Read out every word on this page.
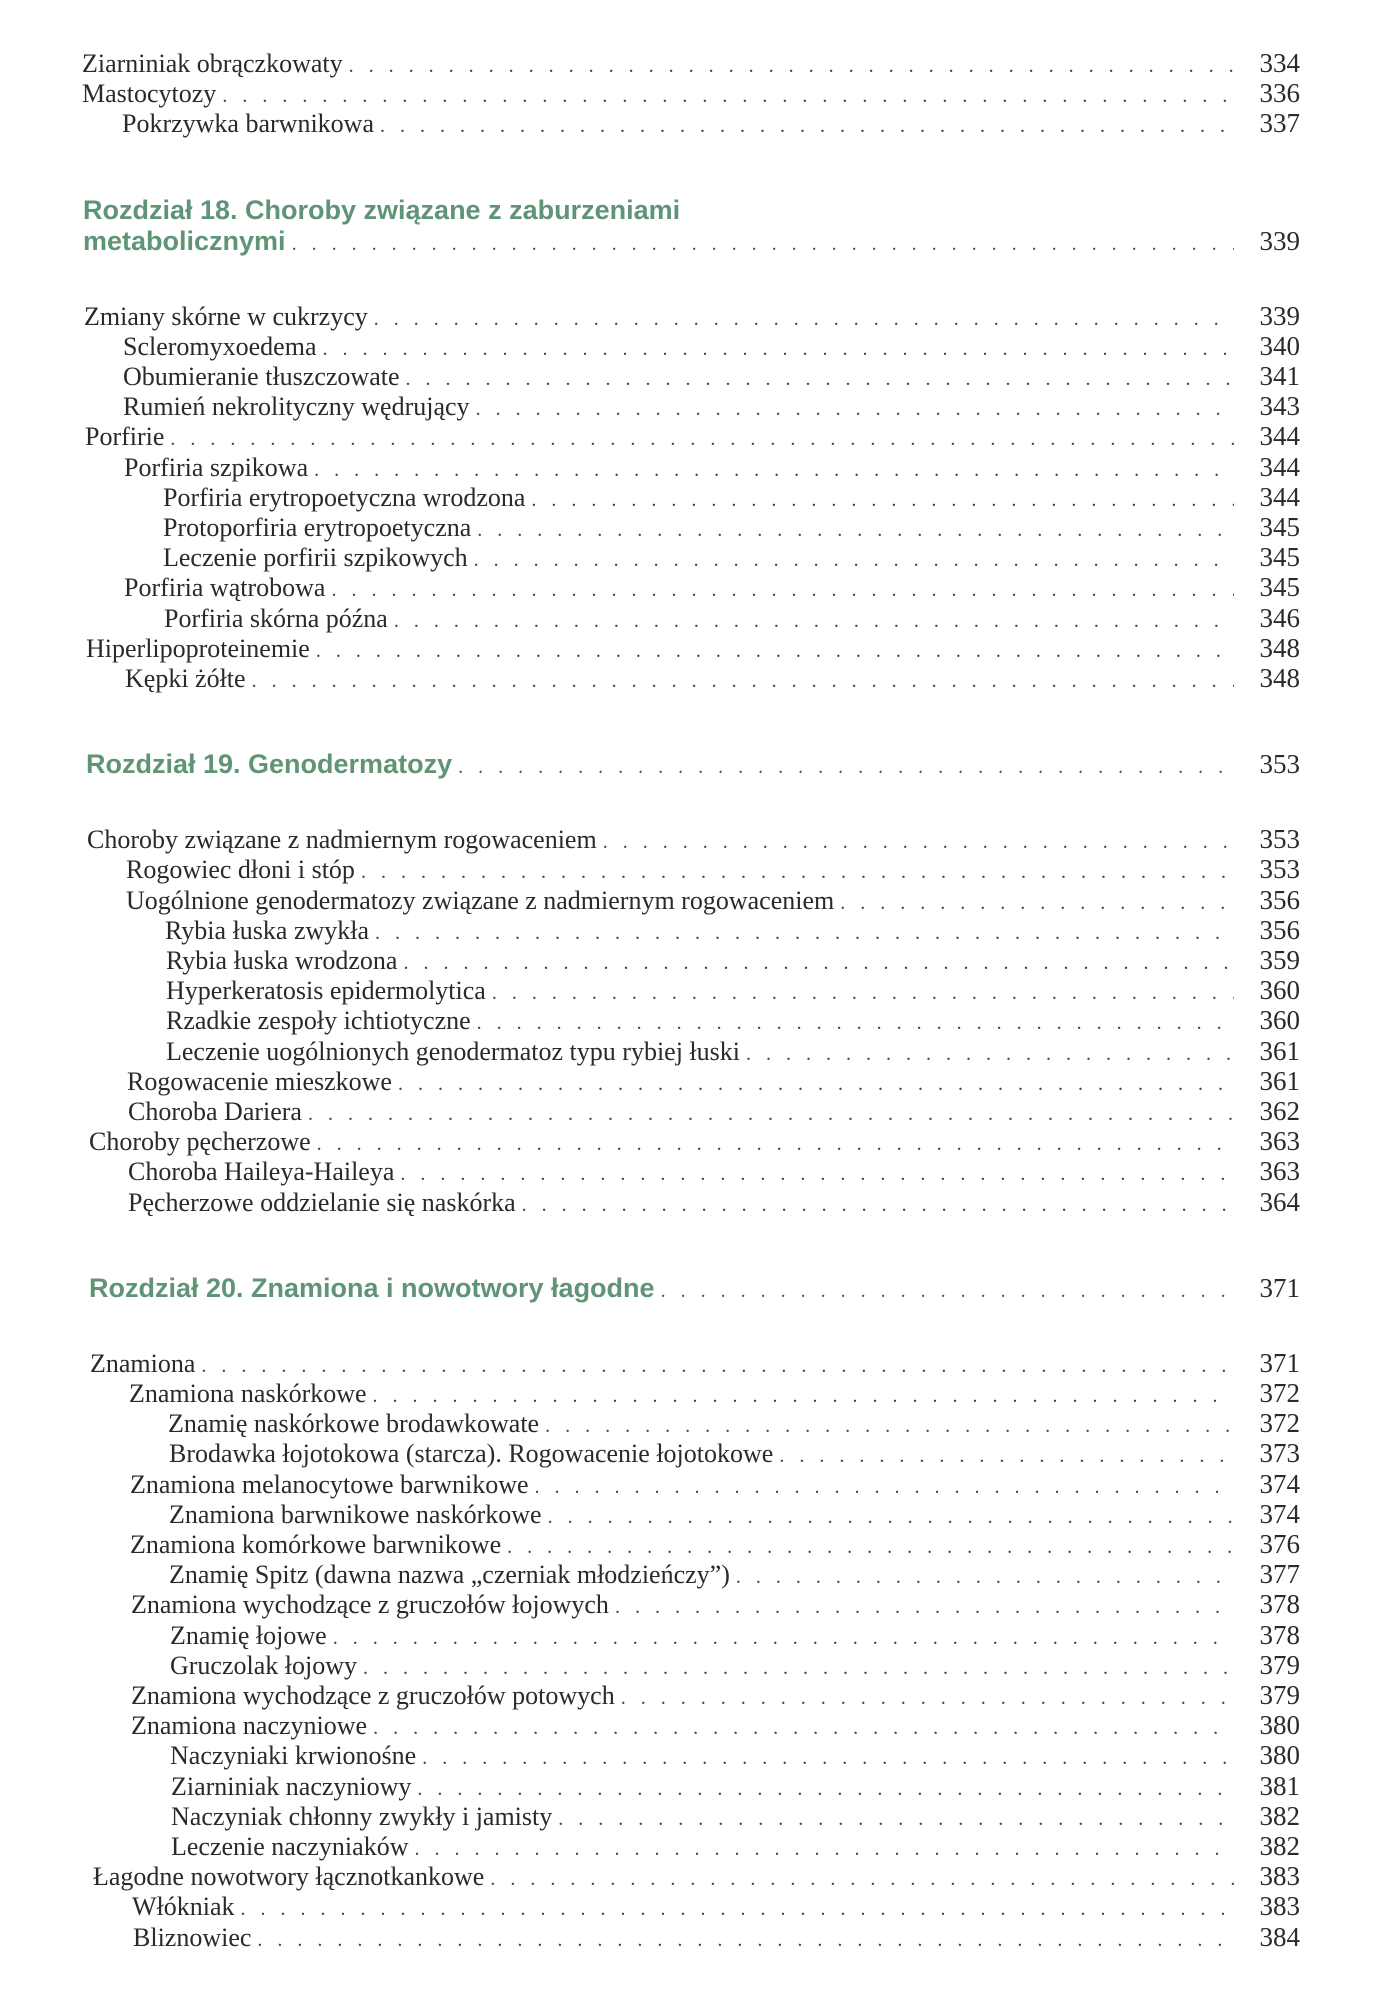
Ziarniniak obrączkowaty . . .	334
Mastocytozy . . .	336
Pokrzywka barwnikowa . . .	337
Rozdział 18. Choroby związane z zaburzeniami
metabolicznymi . . .	339
Zmiany skórne w cukrzycy . . .	339
Scleromyxoedema . . .	340
Obumieranie tłuszczowate . . .	341
Rumień nekrolityczny wędrujący . . .	343
Porfirie . . .	344
Porfiria szpikowa . . .	344
Porfiria erytropoetyczna wrodzona . . .	344
Protoporfiria erytropoetyczna . . .	345
Leczenie porfirii szpikowych . . .	345
Porfiria wątrobowa . . .	345
Porfiria skórna późna . . .	346
Hiperlipoproteinemie . . .	348
Kępki żółte . . .	348
Rozdział 19. Genodermatozy . . .	353
Choroby związane z nadmiernym rogowaceniem . . .	353
Rogowiec dłoni i stóp . . .	353
Uogólnione genodermatozy związane z nadmiernym rogowaceniem . . .	356
Rybia łuska zwykła . . .	356
Rybia łuska wrodzona . . .	359
Hyperkeratosis epidermolytica . . .	360
Rzadkie zespoły ichtiotyczne . . .	360
Leczenie uogólnionych genodermatoz typu rybiej łuski . . .	361
Rogowacenie mieszkowe . . .	361
Choroba Dariera . . .	362
Choroby pęcherzowe . . .	363
Choroba Haileya-Haileya . . .	363
Pęcherzowe oddzielanie się naskórka . . .	364
Rozdział 20. Znamiona i nowotwory łagodne . . .	371
Znamiona . . .	371
Znamiona naskórkowe . . .	372
Znamię naskórkowe brodawkowate . . .	372
Brodawka łojotokowa (starcza). Rogowacenie łojotokowe . . .	373
Znamiona melanocytowe barwnikowe . . .	374
Znamiona barwnikowe naskórkowe . . .	374
Znamiona komórkowe barwnikowe . . .	376
Znamię Spitz (dawna nazwa „czerniak młodzieńczy”) . . .	377
Znamiona wychodzące z gruczołów łojowych . . .	378
Znamię łojowe . . .	378
Gruczolak łojowy . . .	379
Znamiona wychodzące z gruczołów potowych . . .	379
Znamiona naczyniowe . . .	380
Naczyniaki krwionośne . . .	380
Ziarniniak naczyniowy . . .	381
Naczyniak chłonny zwykły i jamisty . . .	382
Leczenie naczyniaków . . .	382
Łagodne nowotwory łącznotkankowe . . .	383
Włókniak . . .	383
Bliznowiec . . .	384
